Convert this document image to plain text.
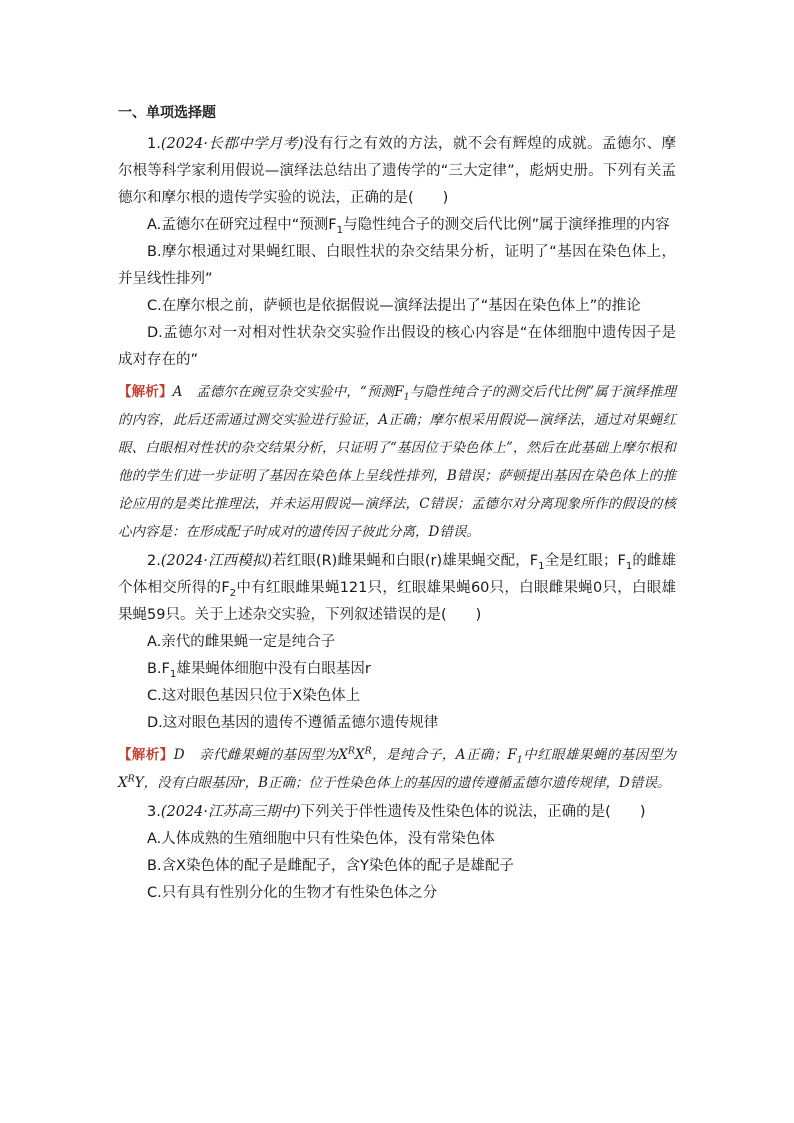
一、单项选择题

1.(2024·长郡中学月考)没有行之有效的方法，就不会有辉煌的成就。孟德尔、摩尔根等科学家利用假说—演绎法总结出了遗传学的“三大定律”，彪炳史册。下列有关孟德尔和摩尔根的遗传学实验的说法，正确的是(　　)

A.孟德尔在研究过程中“预测$F_1$与隐性纯合子的测交后代比例”属于演绎推理的内容

B.摩尔根通过对果蝇红眼、白眼性状的杂交结果分析，证明了“基因在染色体上，并呈线性排列”

C.在摩尔根之前，萨顿也是依据假说—演绎法提出了“基因在染色体上”的推论

D.孟德尔对一对相对性状杂交实验作出假设的核心内容是“在体细胞中遗传因子是成对存在的”

【解析】A　孟德尔在豌豆杂交实验中，“预测$F_1$与隐性纯合子的测交后代比例”属于演绎推理的内容，此后还需通过测交实验进行验证，A正确；摩尔根采用假说—演绎法，通过对果蝇红眼、白眼相对性状的杂交结果分析，只证明了“基因位于染色体上”，然后在此基础上摩尔根和他的学生们进一步证明了基因在染色体上呈线性排列，B错误；萨顿提出基因在染色体上的推论应用的是类比推理法，并未运用假说—演绎法，C错误；孟德尔对分离现象所作的假设的核心内容是：在形成配子时成对的遗传因子彼此分离，D错误。

2.(2024·江西模拟)若红眼(R)雌果蝇和白眼(r)雄果蝇交配，$F_1$全是红眼；$F_1$的雌雄个体相交所得的$F_2$中有红眼雌果蝇121只，红眼雄果蝇60只，白眼雌果蝇0只，白眼雄果蝇59只。关于上述杂交实验，下列叙述错误的是(　　)

A.亲代的雌果蝇一定是纯合子

$B.F_1$雄果蝇体细胞中没有白眼基因r

C.这对眼色基因只位于X染色体上

D.这对眼色基因的遗传不遵循孟德尔遗传规律

【解析】D　亲代雌果蝇的基因型为$X^RX^R$，是纯合子，A正确；$F_1$中红眼雄果蝇的基因型为$X^RY$，没有白眼基因r，B正确；位于性染色体上的基因的遗传遵循孟德尔遗传规律，D错误。

3.(2024·江苏高三期中)下列关于伴性遗传及性染色体的说法，正确的是(　　)

A.人体成熟的生殖细胞中只有性染色体，没有常染色体

B.含X染色体的配子是雌配子，含Y染色体的配子是雄配子

C.只有具有性别分化的生物才有性染色体之分
